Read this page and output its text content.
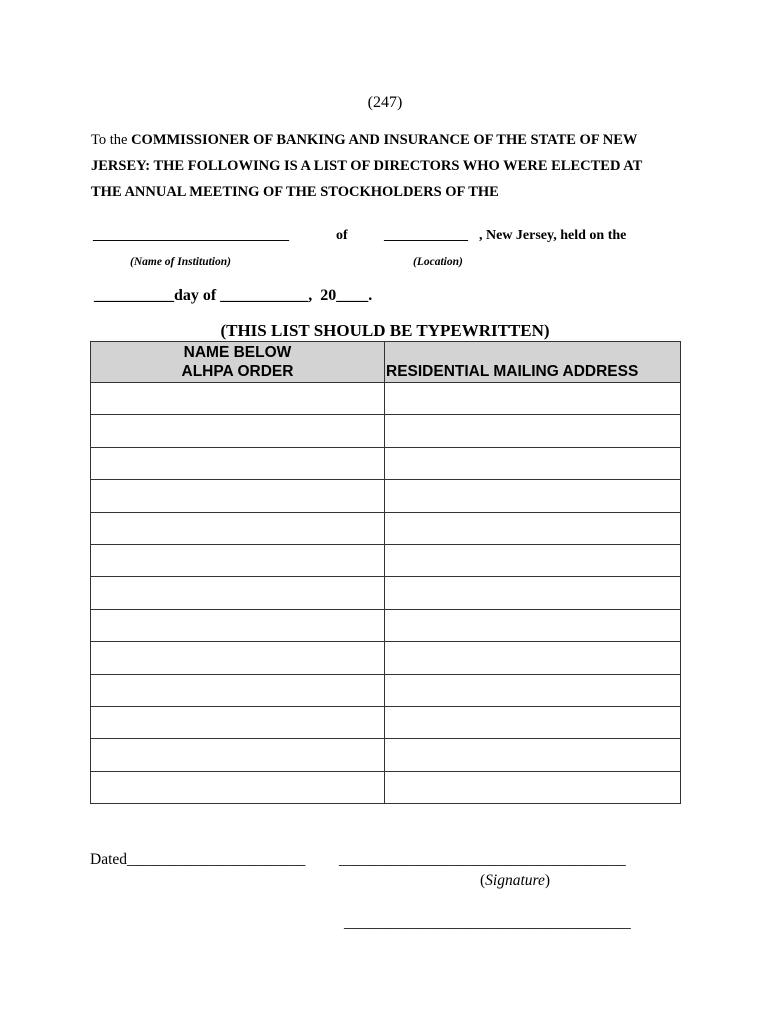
(247)
To the COMMISSIONER OF BANKING AND INSURANCE OF THE STATE OF NEW
JERSEY: THE FOLLOWING IS A LIST OF DIRECTORS WHO WERE ELECTED AT
THE ANNUAL MEETING OF THE STOCKHOLDERS OF THE
____________________________	of	____________ , New Jersey, held on the
(Name of Institution)	(Location)
__________day of ___________, 20____.
(THIS LIST SHOULD BE TYPEWRITTEN)
NAME BELOW
ALHPA ORDER	RESIDENTIAL MAILING ADDRESS

Dated_______________________ _____________________________________
(Signature)
_____________________________________
